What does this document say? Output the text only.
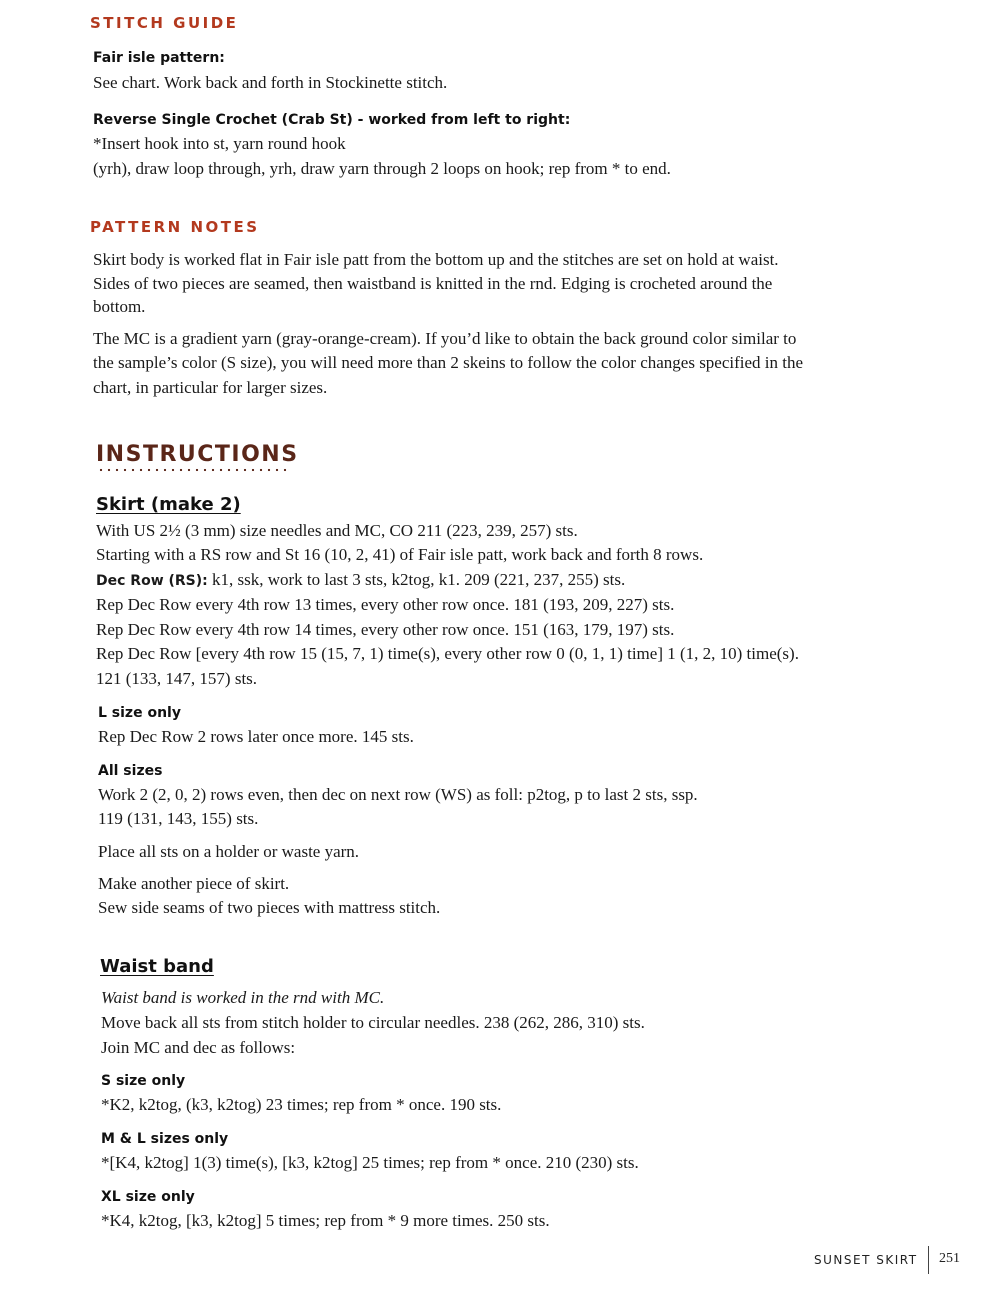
STITCH GUIDE
Fair isle pattern:
See chart. Work back and forth in Stockinette stitch.
Reverse Single Crochet (Crab St) - worked from left to right:
*Insert hook into st, yarn round hook
(yrh), draw loop through, yrh, draw yarn through 2 loops on hook; rep from * to end.
PATTERN NOTES
Skirt body is worked flat in Fair isle patt from the bottom up and the stitches are set on hold at waist.
Sides of two pieces are seamed, then waistband is knitted in the rnd. Edging is crocheted around the
bottom.
The MC is a gradient yarn (gray-orange-cream). If you’d like to obtain the back ground color similar to
the sample’s color (S size), you will need more than 2 skeins to follow the color changes specified in the
chart, in particular for larger sizes.
INSTRUCTIONS
Skirt (make 2)
With US 2½ (3 mm) size needles and MC, CO 211 (223, 239, 257) sts.
Starting with a RS row and St 16 (10, 2, 41) of Fair isle patt, work back and forth 8 rows.
Dec Row (RS): k1, ssk, work to last 3 sts, k2tog, k1. 209 (221, 237, 255) sts.
Rep Dec Row every 4th row 13 times, every other row once. 181 (193, 209, 227) sts.
Rep Dec Row every 4th row 14 times, every other row once. 151 (163, 179, 197) sts.
Rep Dec Row [every 4th row 15 (15, 7, 1) time(s), every other row 0 (0, 1, 1) time] 1 (1, 2, 10) time(s).
121 (133, 147, 157) sts.
L size only
Rep Dec Row 2 rows later once more. 145 sts.
All sizes
Work 2 (2, 0, 2) rows even, then dec on next row (WS) as foll: p2tog, p to last 2 sts, ssp.
119 (131, 143, 155) sts.
Place all sts on a holder or waste yarn.
Make another piece of skirt.
Sew side seams of two pieces with mattress stitch.
Waist band
Waist band is worked in the rnd with MC.
Move back all sts from stitch holder to circular needles. 238 (262, 286, 310) sts.
Join MC and dec as follows:
S size only
*K2, k2tog, (k3, k2tog) 23 times; rep from * once. 190 sts.
M & L sizes only
*[K4, k2tog] 1(3) time(s), [k3, k2tog] 25 times; rep from * once. 210 (230) sts.
XL size only
*K4, k2tog, [k3, k2tog] 5 times; rep from * 9 more times. 250 sts.
SUNSET SKIRT 251
